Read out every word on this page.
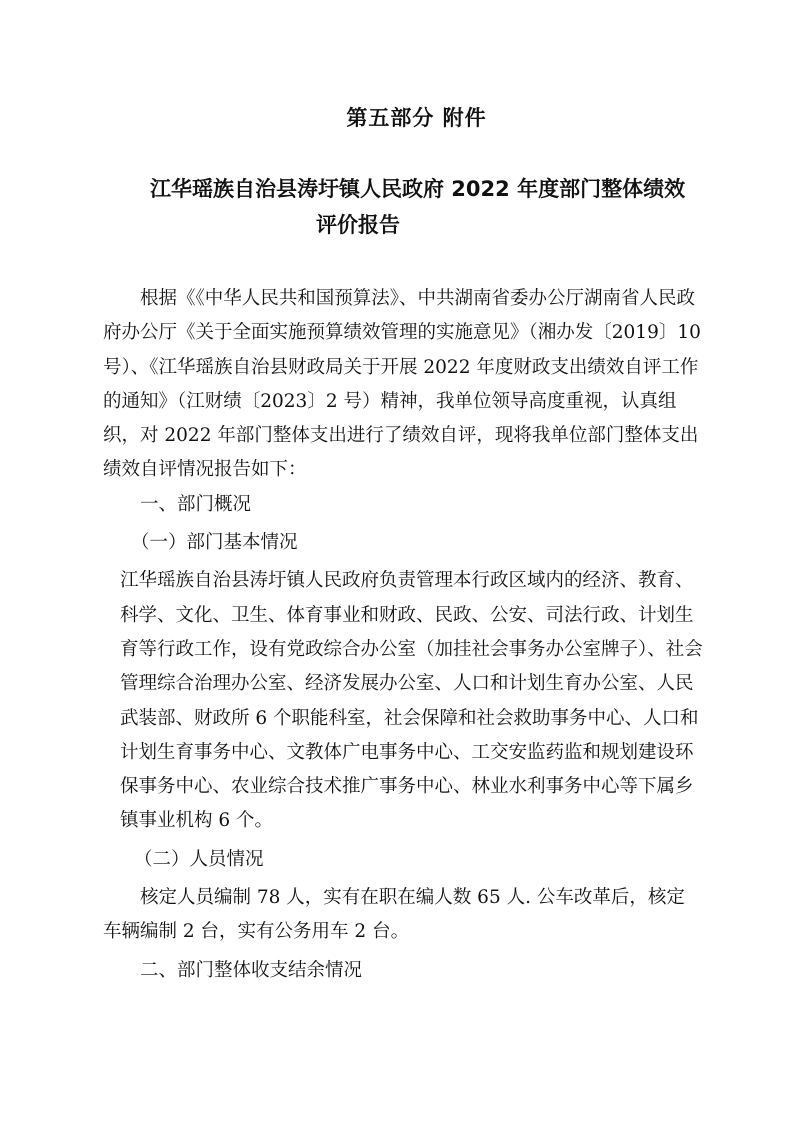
第五部分 附件
江华瑶族自治县涛圩镇人民政府 2022 年度部门整体绩效
评价报告

根据《《中华人民共和国预算法》、中共湖南省委办公厅湖南省人民政府办公厅《关于全面实施预算绩效管理的实施意见》（湘办发〔2019〕10 号）、《江华瑶族自治县财政局关于开展 2022 年度财政支出绩效自评工作的通知》（江财绩〔2023〕2 号）精神，我单位领导高度重视，认真组织，对 2022 年部门整体支出进行了绩效自评，现将我单位部门整体支出绩效自评情况报告如下：

一、部门概况

（一）部门基本情况

江华瑶族自治县涛圩镇人民政府负责管理本行政区域内的经济、教育、科学、文化、卫生、体育事业和财政、民政、公安、司法行政、计划生育等行政工作，设有党政综合办公室（加挂社会事务办公室牌子）、社会管理综合治理办公室、经济发展办公室、人口和计划生育办公室、人民武装部、财政所 6 个职能科室，社会保障和社会救助事务中心、人口和计划生育事务中心、文教体广电事务中心、工交安监药监和规划建设环保事务中心、农业综合技术推广事务中心、林业水利事务中心等下属乡镇事业机构 6 个。

（二）人员情况

核定人员编制 78 人，实有在职在编人数 65 人. 公车改革后，核定车辆编制 2 台，实有公务用车 2 台。

二、部门整体收支结余情况
